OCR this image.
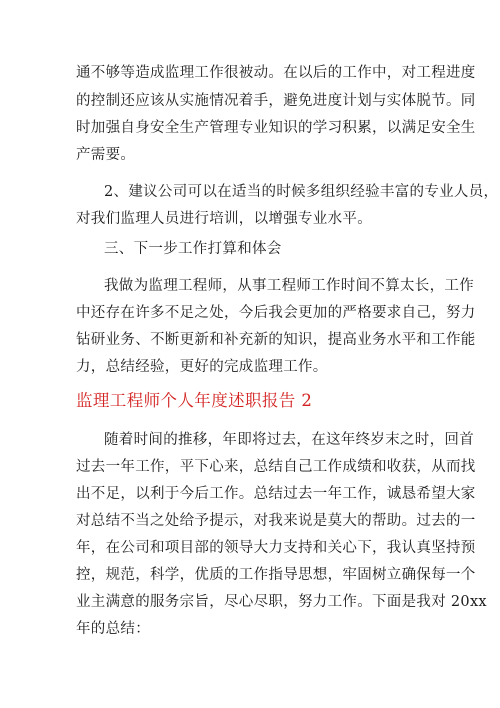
通不够等造成监理工作很被动。在以后的工作中，对工程进度
的控制还应该从实施情况着手，避免进度计划与实体脱节。同
时加强自身安全生产管理专业知识的学习积累，以满足安全生
产需要。
2、建议公司可以在适当的时候多组织经验丰富的专业人员，
对我们监理人员进行培训，以增强专业水平。
三、下一步工作打算和体会
我做为监理工程师，从事工程师工作时间不算太长，工作
中还存在许多不足之处，今后我会更加的严格要求自己，努力
钻研业务、不断更新和补充新的知识，提高业务水平和工作能
力，总结经验，更好的完成监理工作。
监理工程师个人年度述职报告 2
随着时间的推移，年即将过去，在这年终岁末之时，回首
过去一年工作，平下心来，总结自己工作成绩和收获，从而找
出不足，以利于今后工作。总结过去一年工作，诚恳希望大家
对总结不当之处给予提示，对我来说是莫大的帮助。过去的一
年，在公司和项目部的领导大力支持和关心下，我认真坚持预
控，规范，科学，优质的工作指导思想，牢固树立确保每一个
业主满意的服务宗旨，尽心尽职，努力工作。下面是我对 20xx
年的总结：
